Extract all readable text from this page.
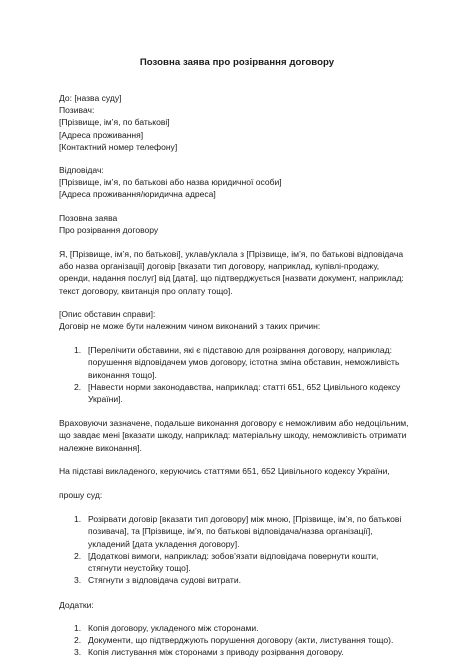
Позовна заява про розірвання договору
До: [назва суду]
Позивач:
[Прізвище, ім’я, по батькові]
[Адреса проживання]
[Контактний номер телефону]
Відповідач:
[Прізвище, ім’я, по батькові або назва юридичної особи]
[Адреса проживання/юридична адреса]
Позовна заява
Про розірвання договору
Я, [Прізвище, ім’я, по батькові], уклав/уклала з [Прізвище, ім’я, по батькові відповідача
або назва організації] договір [вказати тип договору, наприклад, купівлі-продажу,
оренди, надання послуг] від [дата], що підтверджується [назвати документ, наприклад:
текст договору, квитанція про оплату тощо].
[Опис обставин справи]:
Договір не може бути належним чином виконаний з таких причин:
1. [Перелічити обставини, які є підставою для розірвання договору, наприклад:
порушення відповідачем умов договору, істотна зміна обставин, неможливість
виконання тощо].
2. [Навести норми законодавства, наприклад: статті 651, 652 Цивільного кодексу
України].
Враховуючи зазначене, подальше виконання договору є неможливим або недоцільним,
що завдає мені [вказати шкоду, наприклад: матеріальну шкоду, неможливість отримати
належне виконання].
На підставі викладеного, керуючись статтями 651, 652 Цивільного кодексу України,
прошу суд:
1. Розірвати договір [вказати тип договору] між мною, [Прізвище, ім’я, по батькові
позивача], та [Прізвище, ім’я, по батькові відповідача/назва організації],
укладений [дата укладення договору].
2. [Додаткові вимоги, наприклад: зобов’язати відповідача повернути кошти,
стягнути неустойку тощо].
3. Стягнути з відповідача судові витрати.
Додатки:
1. Копія договору, укладеного між сторонами.
2. Документи, що підтверджують порушення договору (акти, листування тощо).
3. Копія листування між сторонами з приводу розірвання договору.
